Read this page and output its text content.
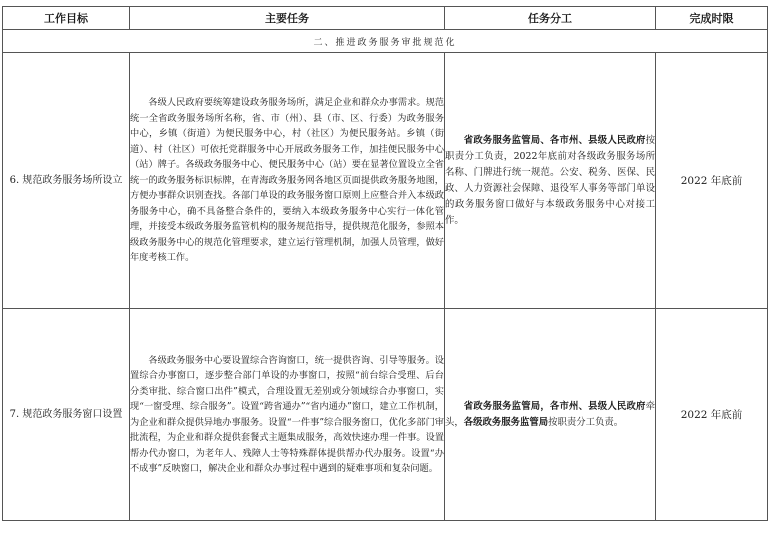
工作目标	主要任务	任务分工	完成时限
二、推进政务服务审批规范化			
6. 规范政务服务场所设立	各级人民政府要统筹建设政务服务场所，满足企业和群众办事需求。规范统一全省政务服务场所名称，省、市（州）、县（市、区、行委）为政务服务中心，乡镇（街道）为便民服务中心，村（社区）为便民服务站。乡镇（街道）、村（社区）可依托党群服务中心开展政务服务工作，加挂便民服务中心（站）牌子。各级政务服务中心、便民服务中心（站）要在显著位置设立全省统一的政务服务标识标牌，在青海政务服务网各地区页面提供政务服务地图，方便办事群众识别查找。各部门单设的政务服务窗口原则上应整合并入本级政务服务中心，确不具备整合条件的，要纳入本级政务服务中心实行一体化管理，并接受本级政务服务监管机构的服务规范指导，提供规范化服务，参照本级政务服务中心的规范化管理要求，建立运行管理机制，加强人员管理，做好年度考核工作。	省政务服务监管局、各市州、县级人民政府按职责分工负责，2022年底前对各级政务服务场所名称、门牌进行统一规范。公安、税务、医保、民政、人力资源社会保障、退役军人事务等部门单设的政务服务窗口做好与本级政务服务中心对接工作。	2022 年底前
7. 规范政务服务窗口设置	各级政务服务中心要设置综合咨询窗口，统一提供咨询、引导等服务。设置综合办事窗口，逐步整合部门单设的办事窗口，按照“前台综合受理、后台分类审批、综合窗口出件”模式，合理设置无差别或分领域综合办事窗口，实现“一窗受理、综合服务”。设置“跨省通办”“省内通办”窗口，建立工作机制，为企业和群众提供异地办事服务。设置“一件事”综合服务窗口，优化多部门审批流程，为企业和群众提供套餐式主题集成服务，高效快速办理一件事。设置帮办代办窗口，为老年人、残障人士等特殊群体提供帮办代办服务。设置“办不成事”反映窗口，解决企业和群众办事过程中遇到的疑难事项和复杂问题。	省政务服务监管局，各市州、县级人民政府牵头，各级政务服务监管局按职责分工负责。	2022 年底前
